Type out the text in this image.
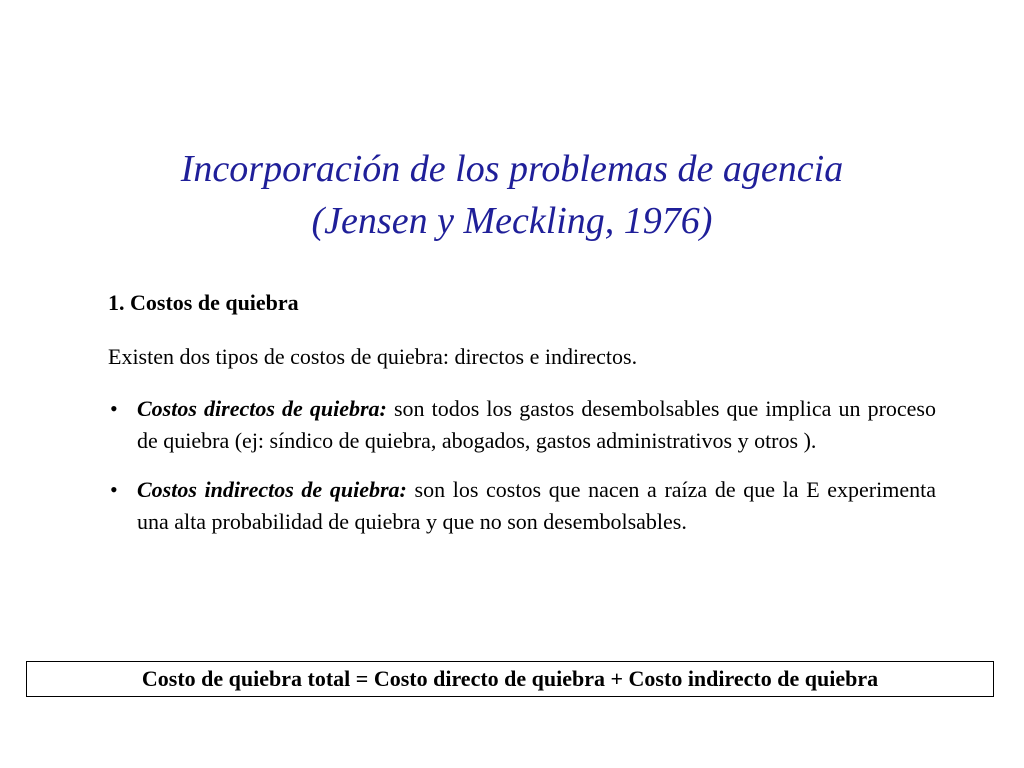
Incorporación de los problemas de agencia
(Jensen y Meckling, 1976)
1. Costos de quiebra
Existen dos tipos de costos de quiebra: directos e indirectos.
• Costos directos de quiebra: son todos los gastos desembolsables que implica un proceso de quiebra (ej: síndico de quiebra, abogados, gastos administrativos y otros ).
• Costos indirectos de quiebra: son los costos que nacen a raíza de que la E experimenta una alta probabilidad de quiebra y que no son desembolsables.
Costo de quiebra total = Costo directo de quiebra + Costo indirecto de quiebra
